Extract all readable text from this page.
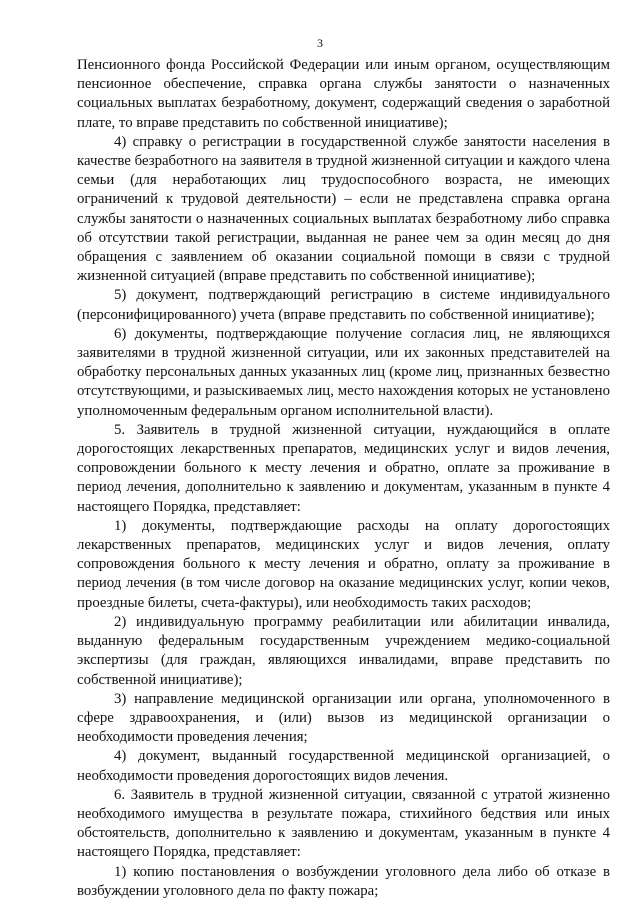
3

Пенсионного фонда Российской Федерации или иным органом, осуществляющим пенсионное обеспечение, справка органа службы занятости о назначенных социальных выплатах безработному, документ, содержащий сведения о заработной плате, то вправе представить по собственной инициативе);

4) справку о регистрации в государственной службе занятости населения в качестве безработного на заявителя в трудной жизненной ситуации и каждого члена семьи (для неработающих лиц трудоспособного возраста, не имеющих ограничений к трудовой деятельности) – если не представлена справка органа службы занятости о назначенных социальных выплатах безработному либо справка об отсутствии такой регистрации, выданная не ранее чем за один месяц до дня обращения с заявлением об оказании социальной помощи в связи с трудной жизненной ситуацией (вправе представить по собственной инициативе);

5) документ, подтверждающий регистрацию в системе индивидуального (персонифицированного) учета (вправе представить по собственной инициативе);

6) документы, подтверждающие получение согласия лиц, не являющихся заявителями в трудной жизненной ситуации, или их законных представителей на обработку персональных данных указанных лиц (кроме лиц, признанных безвестно отсутствующими, и разыскиваемых лиц, место нахождения которых не установлено уполномоченным федеральным органом исполнительной власти).

5. Заявитель в трудной жизненной ситуации, нуждающийся в оплате дорогостоящих лекарственных препаратов, медицинских услуг и видов лечения, сопровождении больного к месту лечения и обратно, оплате за проживание в период лечения, дополнительно к заявлению и документам, указанным в пункте 4 настоящего Порядка, представляет:

1) документы, подтверждающие расходы на оплату дорогостоящих лекарственных препаратов, медицинских услуг и видов лечения, оплату сопровождения больного к месту лечения и обратно, оплату за проживание в период лечения (в том числе договор на оказание медицинских услуг, копии чеков, проездные билеты, счета-фактуры), или необходимость таких расходов;

2) индивидуальную программу реабилитации или абилитации инвалида, выданную федеральным государственным учреждением медико-социальной экспертизы (для граждан, являющихся инвалидами, вправе представить по собственной инициативе);

3) направление медицинской организации или органа, уполномоченного в сфере здравоохранения, и (или) вызов из медицинской организации о необходимости проведения лечения;

4) документ, выданный государственной медицинской организацией, о необходимости проведения дорогостоящих видов лечения.

6. Заявитель в трудной жизненной ситуации, связанной с утратой жизненно необходимого имущества в результате пожара, стихийного бедствия или иных обстоятельств, дополнительно к заявлению и документам, указанным в пункте 4 настоящего Порядка, представляет:

1) копию постановления о возбуждении уголовного дела либо об отказе в возбуждении уголовного дела по факту пожара;
